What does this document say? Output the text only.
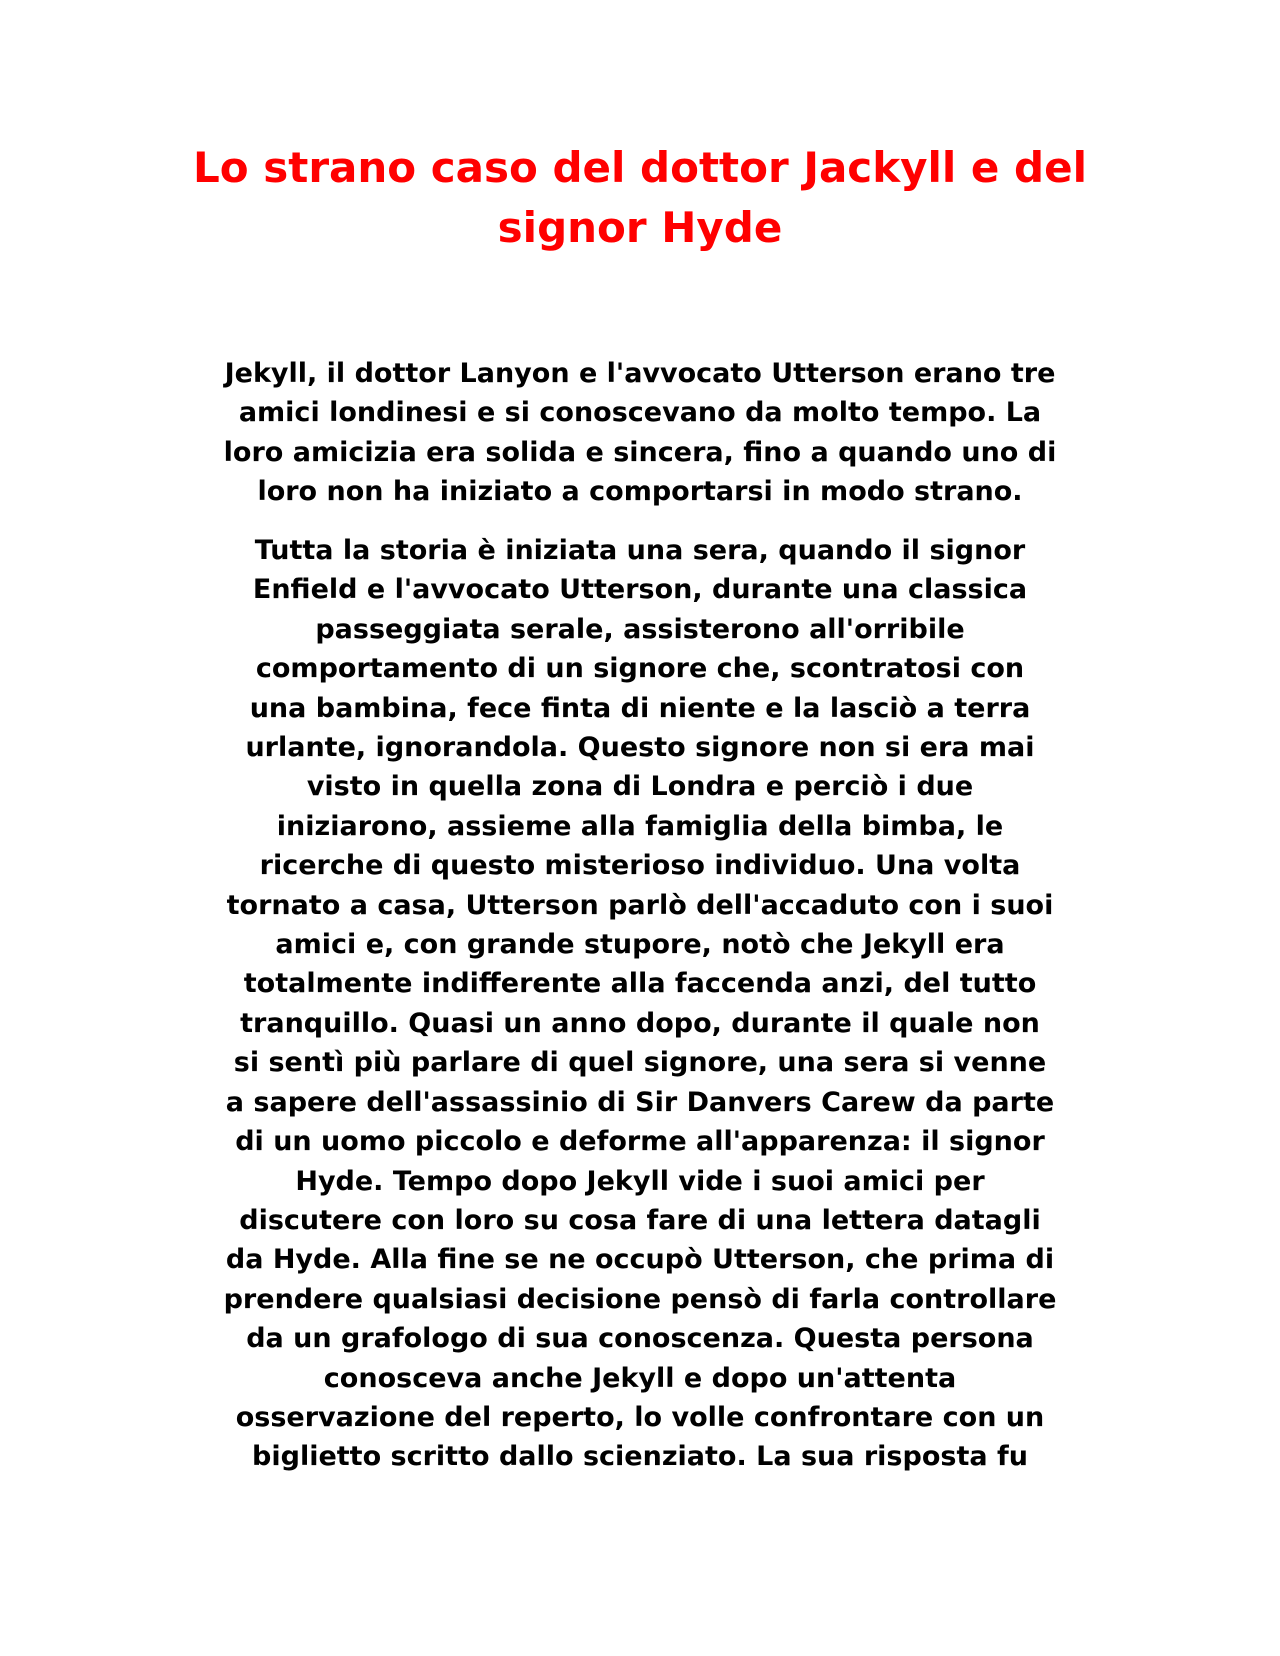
Lo strano caso del dottor Jackyll e del
signor Hyde

Jekyll, il dottor Lanyon e l'avvocato Utterson erano tre
amici londinesi e si conoscevano da molto tempo. La
loro amicizia era solida e sincera, fino a quando uno di
loro non ha iniziato a comportarsi in modo strano.

Tutta la storia è iniziata una sera, quando il signor
Enfield e l'avvocato Utterson, durante una classica
passeggiata serale, assisterono all'orribile
comportamento di un signore che, scontratosi con
una bambina, fece finta di niente e la lasciò a terra
urlante, ignorandola. Questo signore non si era mai
visto in quella zona di Londra e perciò i due
iniziarono, assieme alla famiglia della bimba, le
ricerche di questo misterioso individuo. Una volta
tornato a casa, Utterson parlò dell'accaduto con i suoi
amici e, con grande stupore, notò che Jekyll era
totalmente indifferente alla faccenda anzi, del tutto
tranquillo. Quasi un anno dopo, durante il quale non
si sentì più parlare di quel signore, una sera si venne
a sapere dell'assassinio di Sir Danvers Carew da parte
di un uomo piccolo e deforme all'apparenza: il signor
Hyde. Tempo dopo Jekyll vide i suoi amici per
discutere con loro su cosa fare di una lettera datagli
da Hyde. Alla fine se ne occupò Utterson, che prima di
prendere qualsiasi decisione pensò di farla controllare
da un grafologo di sua conoscenza. Questa persona
conosceva anche Jekyll e dopo un'attenta
osservazione del reperto, lo volle confrontare con un
biglietto scritto dallo scienziato. La sua risposta fu
